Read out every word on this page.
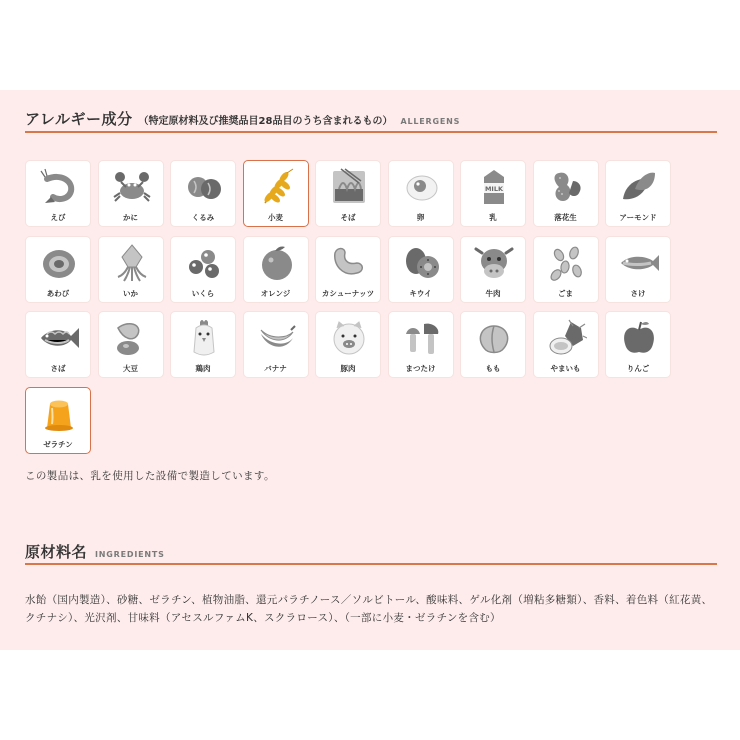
アレルギー成分 （特定原材料及び推奨品目28品目のうち含まれるもの） ALLERGENS
えび	かに	くるみ	小麦	そば	卵
MILK
乳	落花生	アーモンド
あわび	いか	いくら	オレンジ	カシューナッツ	キウイ	牛肉	ごま	さけ
さば	大豆	鶏肉	バナナ	豚肉	まつたけ	もも	やまいも	りんご
ゼラチン
この製品は、乳を使用した設備で製造しています。
原材料名 INGREDIENTS
水飴（国内製造）、砂糖、ゼラチン、植物油脂、還元パラチノース／ソルビトール、酸味料、ゲル化剤（増粘多糖類）、香料、着色料（紅花黄、クチナシ）、光沢剤、甘味料（アセスルファムK、スクラロース）、（一部に小麦・ゼラチンを含む）
